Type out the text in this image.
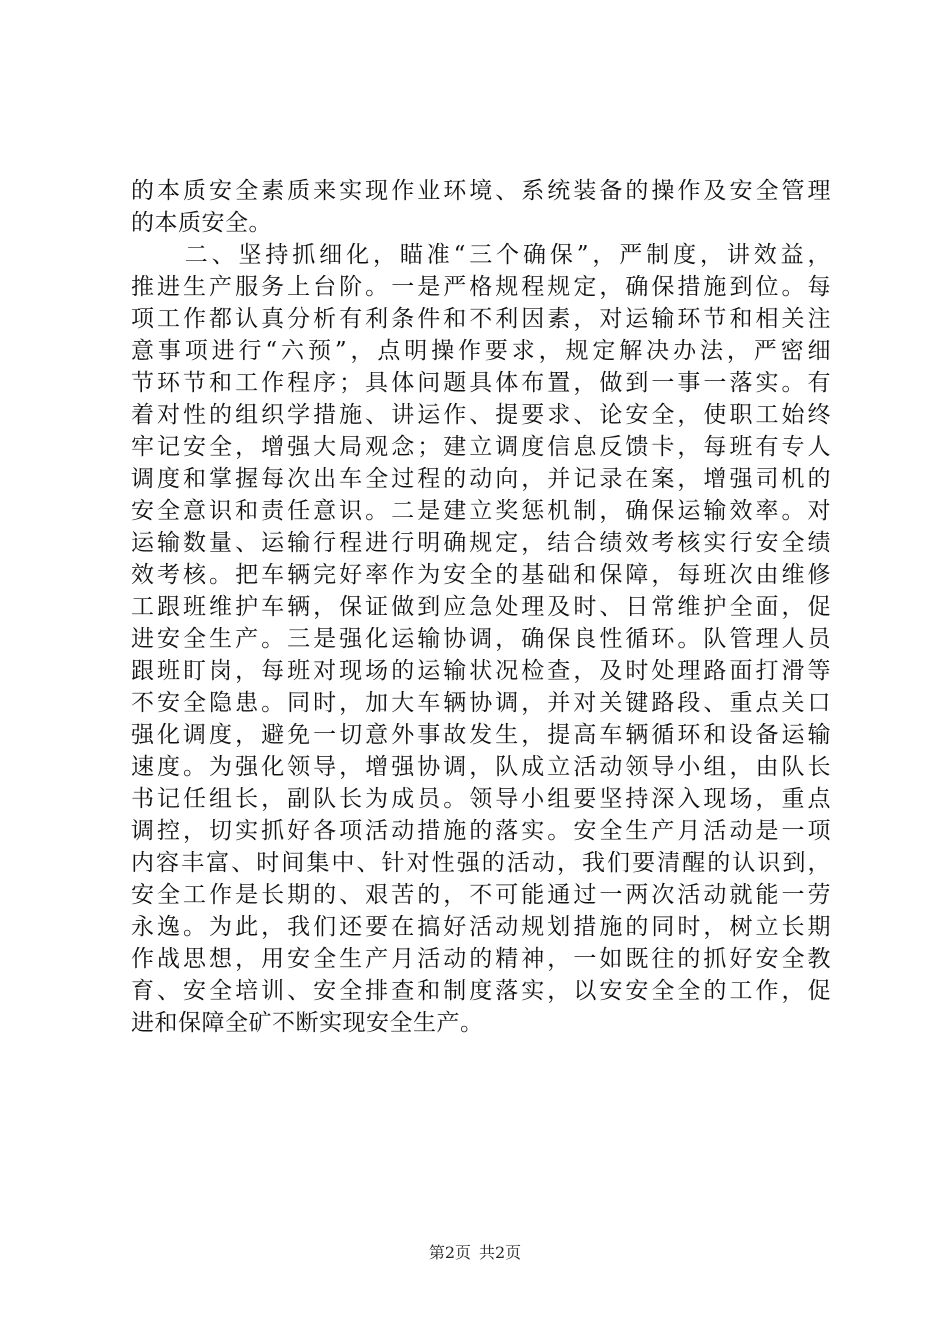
的本质安全素质来实现作业环境、系统装备的操作及安全管理
的本质安全。
　　二、坚持抓细化，瞄准“三个确保”，严制度，讲效益，
推进生产服务上台阶。一是严格规程规定，确保措施到位。每
项工作都认真分析有利条件和不利因素，对运输环节和相关注
意事项进行“六预”，点明操作要求，规定解决办法，严密细
节环节和工作程序；具体问题具体布置，做到一事一落实。有
着对性的组织学措施、讲运作、提要求、论安全，使职工始终
牢记安全，增强大局观念；建立调度信息反馈卡，每班有专人
调度和掌握每次出车全过程的动向，并记录在案，增强司机的
安全意识和责任意识。二是建立奖惩机制，确保运输效率。对
运输数量、运输行程进行明确规定，结合绩效考核实行安全绩
效考核。把车辆完好率作为安全的基础和保障，每班次由维修
工跟班维护车辆，保证做到应急处理及时、日常维护全面，促
进安全生产。三是强化运输协调，确保良性循环。队管理人员
跟班盯岗，每班对现场的运输状况检查，及时处理路面打滑等
不安全隐患。同时，加大车辆协调，并对关键路段、重点关口
强化调度，避免一切意外事故发生，提高车辆循环和设备运输
速度。为强化领导，增强协调，队成立活动领导小组，由队长
书记任组长，副队长为成员。领导小组要坚持深入现场，重点
调控，切实抓好各项活动措施的落实。安全生产月活动是一项
内容丰富、时间集中、针对性强的活动，我们要清醒的认识到，
安全工作是长期的、艰苦的，不可能通过一两次活动就能一劳
永逸。为此，我们还要在搞好活动规划措施的同时，树立长期
作战思想，用安全生产月活动的精神，一如既往的抓好安全教
育、安全培训、安全排查和制度落实，以安安全全的工作，促
进和保障全矿不断实现安全生产。
第2页 共2页
